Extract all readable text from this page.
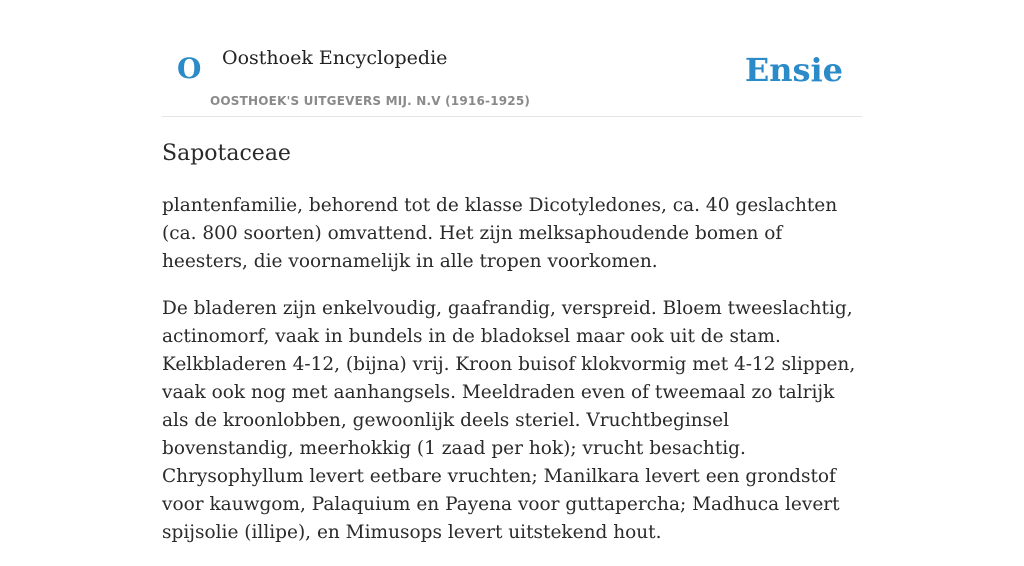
O Oosthoek Encyclopedie
OOSTHOEK'S UITGEVERS MIJ. N.V (1916-1925)
Ensie
Sapotaceae

plantenfamilie, behorend tot de klasse Dicotyledones, ca. 40 geslachten (ca. 800 soorten) omvattend. Het zijn melksaphoudende bomen of heesters, die voornamelijk in alle tropen voorkomen.

De bladeren zijn enkelvoudig, gaafrandig, verspreid. Bloem tweeslachtig, actinomorf, vaak in bundels in de bladoksel maar ook uit de stam. Kelkbladeren 4-12, (bijna) vrij. Kroon buisof klokvormig met 4-12 slippen, vaak ook nog met aanhangsels. Meeldraden even of tweemaal zo talrijk als de kroonlobben, gewoonlijk deels steriel. Vruchtbeginsel bovenstandig, meerhokkig (1 zaad per hok); vrucht besachtig. Chrysophyllum levert eetbare vruchten; Manilkara levert een grondstof voor kauwgom, Palaquium en Payena voor guttapercha; Madhuca levert spijsolie (illipe), en Mimusops levert uitstekend hout.
